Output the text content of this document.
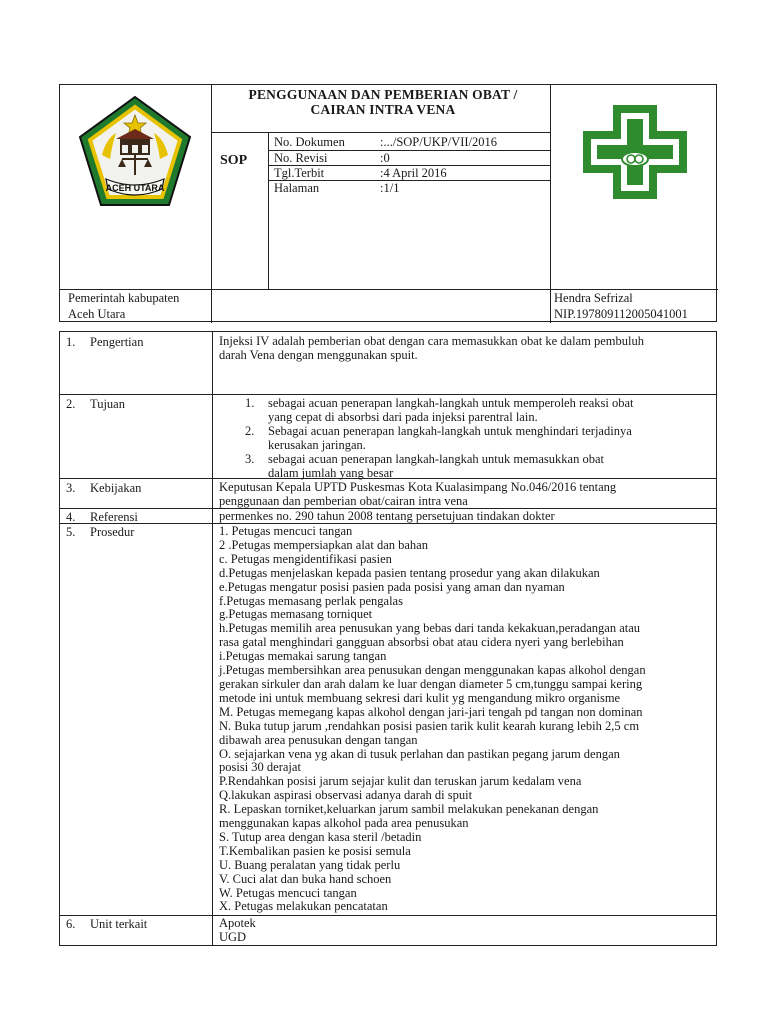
ACEH UTARA
PENGGUNAAN DAN PEMBERIAN OBAT /
CAIRAN INTRA VENA
SOP
No. Dokumen	:.../SOP/UKP/VII/2016
No. Revisi	:0
Tgl.Terbit	:4 April 2016
Halaman	:1/1
Pemerintah kabupaten
Aceh Utara
Hendra Sefrizal
NIP.197809112005041001
1. Pengertian	Injeksi IV adalah pemberian obat dengan cara memasukkan obat ke dalam pembuluh

darah Vena dengan menggunakan spuit.

2. Tujuan	1. sebagai acuan penerapan langkah-langkah untuk memperoleh reaksi obat

yang cepat di absorbsi dari pada injeksi parentral lain.

2. Sebagai acuan penerapan langkah-langkah untuk menghindari terjadinya

kerusakan jaringan.

3. sebagai acuan penerapan langkah-langkah untuk memasukkan obat

dalam jumlah yang besar

3. Kebijakan	Keputusan Kepala UPTD Puskesmas Kota Kualasimpang No.046/2016 tentang

penggunaan dan pemberian obat/cairan intra vena

4. Referensi	permenkes no. 290 tahun 2008 tentang persetujuan tindakan dokter

5. Prosedur	1. Petugas mencuci tangan

2 .Petugas mempersiapkan alat dan bahan

c. Petugas mengidentifikasi pasien

d.Petugas menjelaskan kepada pasien tentang prosedur yang akan dilakukan

e.Petugas mengatur posisi pasien pada posisi yang aman dan nyaman

f.Petugas memasang perlak pengalas

g.Petugas memasang torniquet

h.Petugas memilih area penusukan yang bebas dari tanda kekakuan,peradangan atau

rasa gatal menghindari gangguan absorbsi obat atau cidera nyeri yang berlebihan

i.Petugas memakai sarung tangan

j.Petugas membersihkan area penusukan dengan menggunakan kapas alkohol dengan

gerakan sirkuler dan arah dalam ke luar dengan diameter 5 cm,tunggu sampai kering

metode ini untuk membuang sekresi dari kulit yg mengandung mikro organisme

M. Petugas memegang kapas alkohol dengan jari-jari tengah pd tangan non dominan

N. Buka tutup jarum ,rendahkan posisi pasien tarik kulit kearah kurang lebih 2,5 cm

dibawah area penusukan dengan tangan

O. sejajarkan vena yg akan di tusuk perlahan dan pastikan pegang jarum dengan

posisi 30 derajat

P.Rendahkan posisi jarum sejajar kulit dan teruskan jarum kedalam vena

Q.lakukan aspirasi observasi adanya darah di spuit

R. Lepaskan torniket,keluarkan jarum sambil melakukan penekanan dengan

menggunakan kapas alkohol pada area penusukan

S. Tutup area dengan kasa steril /betadin

T.Kembalikan pasien ke posisi semula

U. Buang peralatan yang tidak perlu

V. Cuci alat dan buka hand schoen

W. Petugas mencuci tangan

X. Petugas melakukan pencatatan

6. Unit terkait	Apotek

UGD
